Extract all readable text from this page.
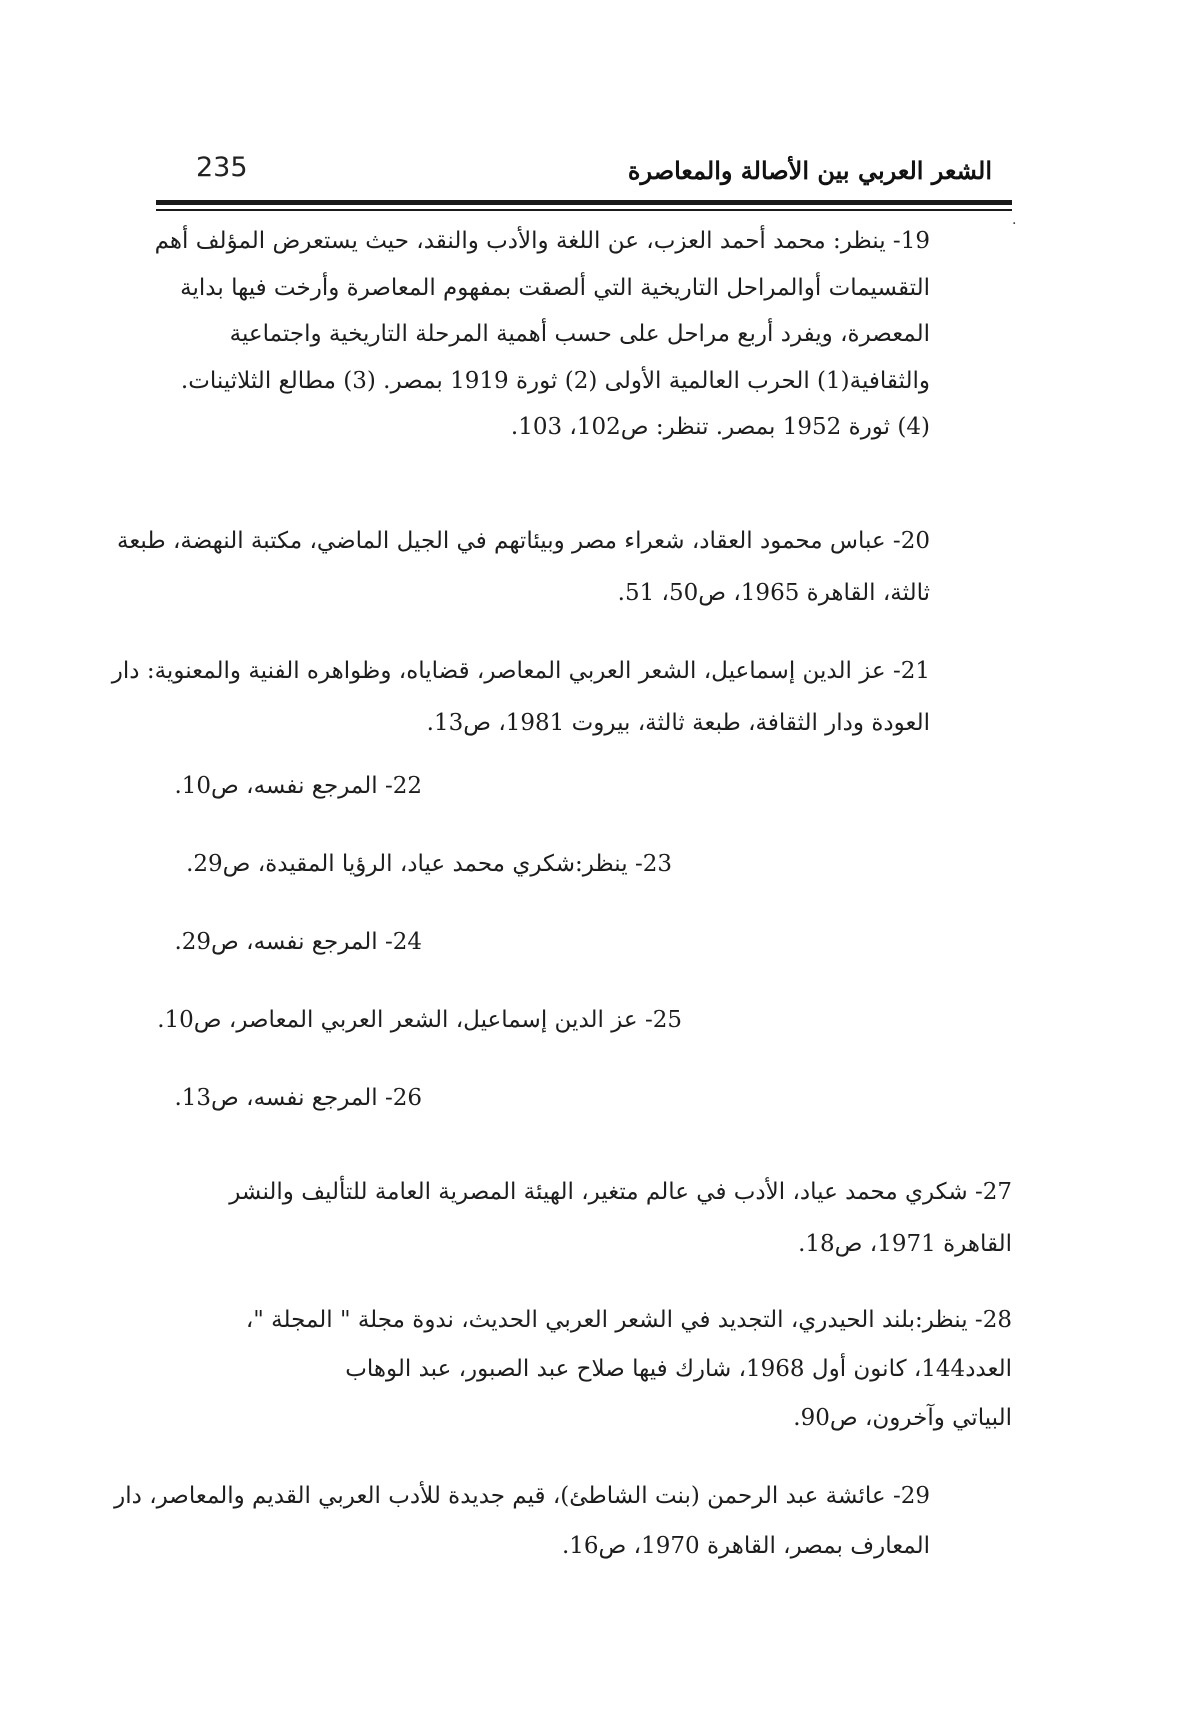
235	الشعر العربي بين الأصالة والمعاصرة
.
19- ينظر: محمد أحمد العزب، عن اللغة والأدب والنقد، حيث يستعرض المؤلف أهم
التقسيمات أوالمراحل التاريخية التي ألصقت بمفهوم المعاصرة وأرخت فيها بداية
المعصرة، ويفرد أربع مراحل على حسب أهمية المرحلة التاريخية واجتماعية
والثقافية(1) الحرب العالمية الأولى (2) ثورة 1919 بمصر. (3) مطالع الثلاثينات.
(4) ثورة 1952 بمصر. تنظر: ص102، 103.
20- عباس محمود العقاد، شعراء مصر وبيئاتهم في الجيل الماضي، مكتبة النهضة، طبعة
ثالثة، القاهرة 1965، ص50، 51.
21- عز الدين إسماعيل، الشعر العربي المعاصر، قضاياه، وظواهره الفنية والمعنوية: دار
العودة ودار الثقافة، طبعة ثالثة، بيروت 1981، ص13.
22- المرجع نفسه، ص10.
23- ينظر:شكري محمد عياد، الرؤيا المقيدة، ص29.
24- المرجع نفسه، ص29.
25- عز الدين إسماعيل، الشعر العربي المعاصر، ص10.
26- المرجع نفسه، ص13.
27- شكري محمد عياد، الأدب في عالم متغير، الهيئة المصرية العامة للتأليف والنشر
القاهرة 1971، ص18.
28- ينظر:بلند الحيدري، التجديد في الشعر العربي الحديث، ندوة مجلة " المجلة "،
العدد144، كانون أول 1968، شارك فيها صلاح عبد الصبور، عبد الوهاب
البياتي وآخرون، ص90.
29- عائشة عبد الرحمن (بنت الشاطئ)، قيم جديدة للأدب العربي القديم والمعاصر، دار
المعارف بمصر، القاهرة 1970، ص16.
